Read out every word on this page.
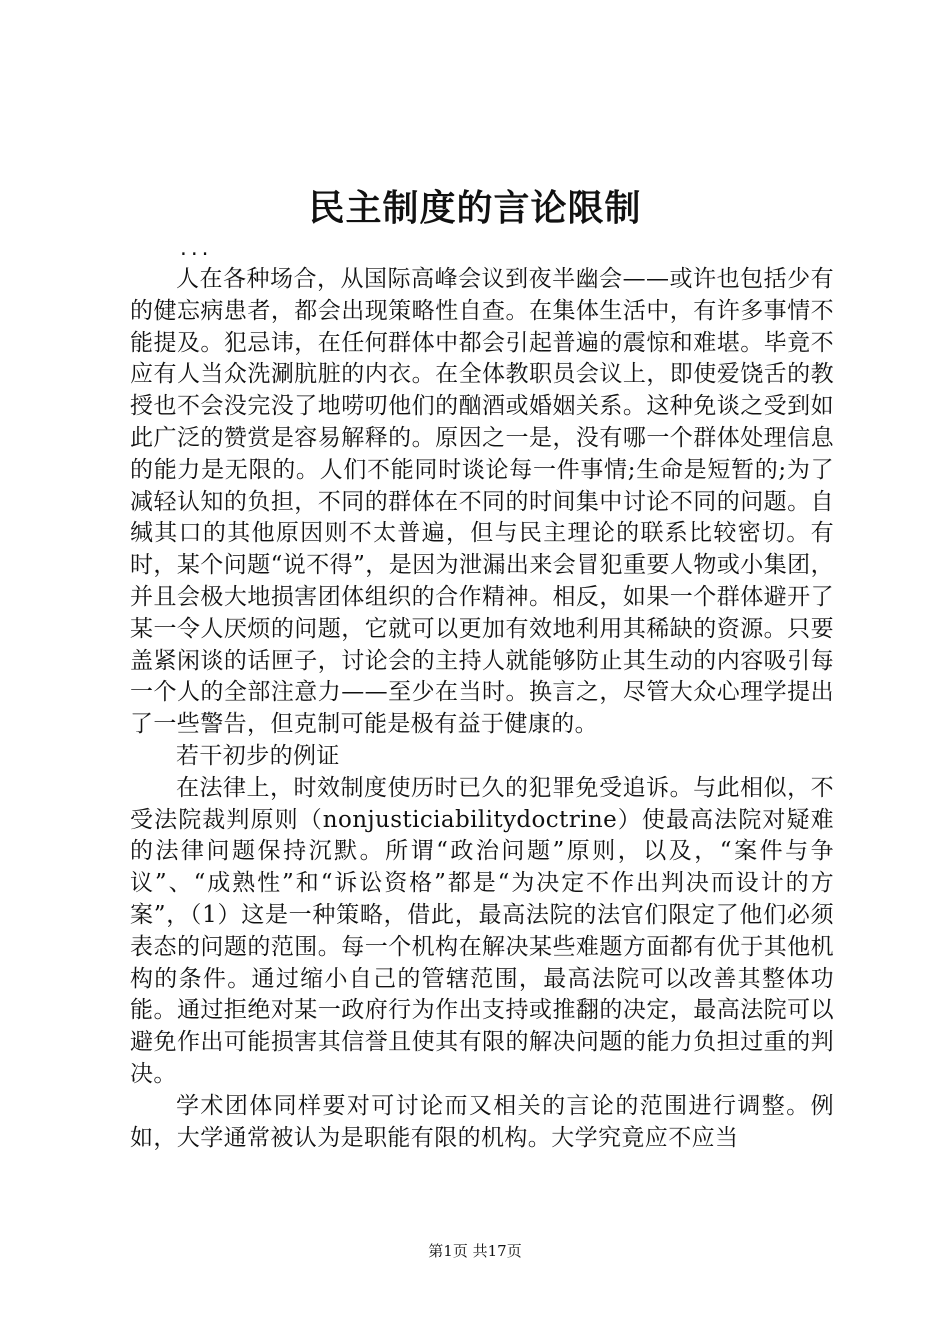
民主制度的言论限制
...

人在各种场合，从国际高峰会议到夜半幽会——或许也包括少有的健忘病患者，都会出现策略性自查。在集体生活中，有许多事情不能提及。犯忌讳，在任何群体中都会引起普遍的震惊和难堪。毕竟不应有人当众洗涮肮脏的内衣。在全体教职员会议上，即使爱饶舌的教授也不会没完没了地唠叨他们的酗酒或婚姻关系。这种免谈之受到如此广泛的赞赏是容易解释的。原因之一是，没有哪一个群体处理信息的能力是无限的。人们不能同时谈论每一件事情;生命是短暂的;为了减轻认知的负担，不同的群体在不同的时间集中讨论不同的问题。自缄其口的其他原因则不太普遍，但与民主理论的联系比较密切。有时，某个问题“说不得”，是因为泄漏出来会冒犯重要人物或小集团，并且会极大地损害团体组织的合作精神。相反，如果一个群体避开了某一令人厌烦的问题，它就可以更加有效地利用其稀缺的资源。只要盖紧闲谈的话匣子，讨论会的主持人就能够防止其生动的内容吸引每一个人的全部注意力——至少在当时。换言之，尽管大众心理学提出了一些警告，但克制可能是极有益于健康的。

若干初步的例证

在法律上，时效制度使历时已久的犯罪免受追诉。与此相似，不受法院裁判原则（nonjusticiabilitydoctrine）使最高法院对疑难的法律问题保持沉默。所谓“政治问题”原则，以及，“案件与争议”、“成熟性”和“诉讼资格”都是“为决定不作出判决而设计的方案”，（1）这是一种策略，借此，最高法院的法官们限定了他们必须表态的问题的范围。每一个机构在解决某些难题方面都有优于其他机构的条件。通过缩小自己的管辖范围，最高法院可以改善其整体功能。通过拒绝对某一政府行为作出支持或推翻的决定，最高法院可以避免作出可能损害其信誉且使其有限的解决问题的能力负担过重的判决。

学术团体同样要对可讨论而又相关的言论的范围进行调整。例如，大学通常被认为是职能有限的机构。大学究竟应不应当

第1页 共17页
